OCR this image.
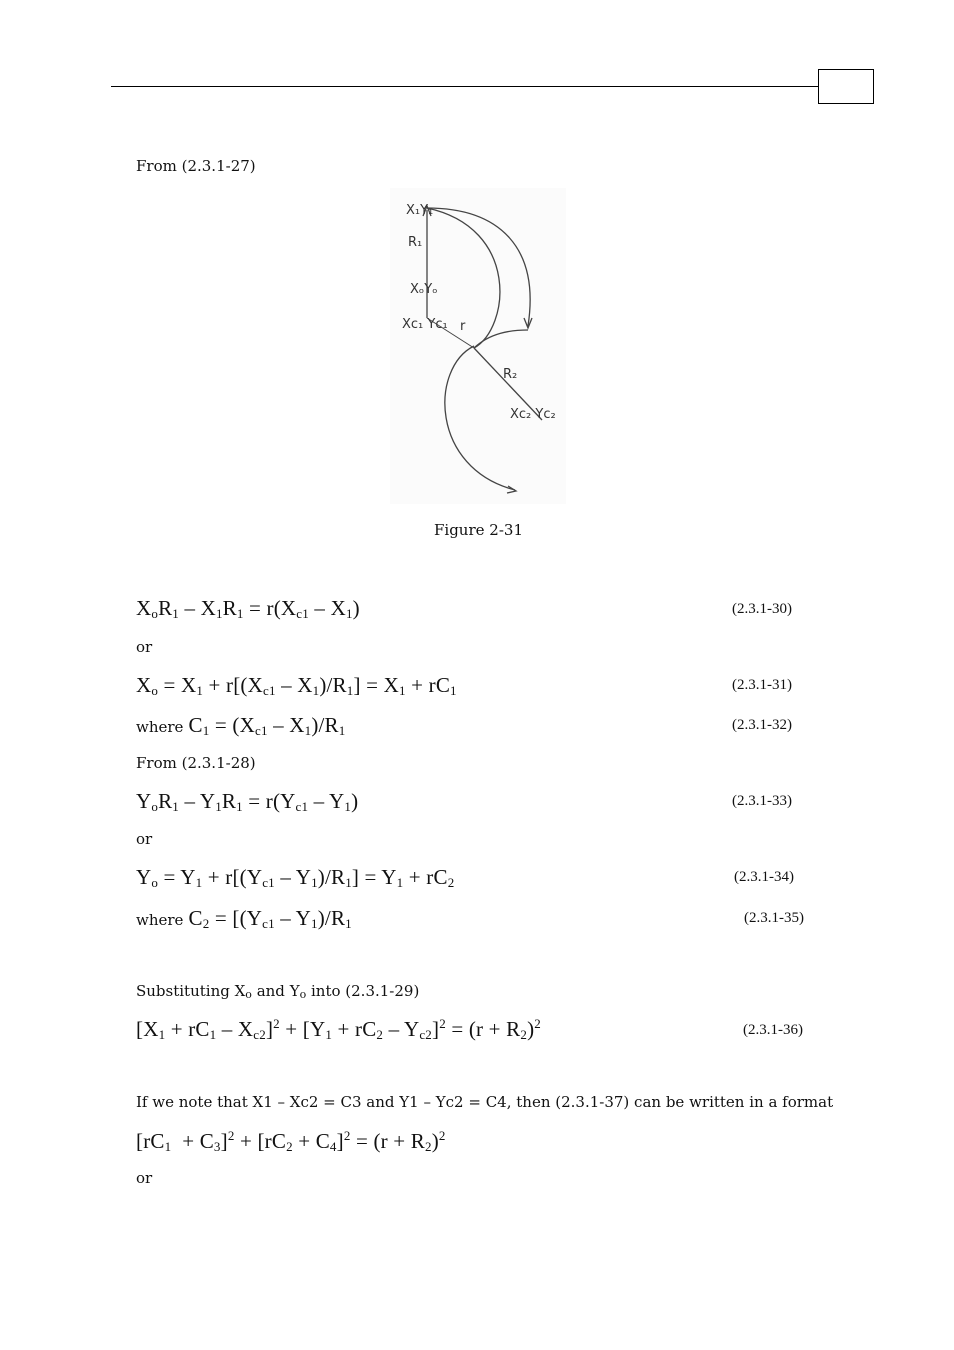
From (2.3.1-27)
X₁Y₁
R₁
XₒYₒ
Xc₁ Yc₁ r
R₂
Xc₂ Yc₂
Figure 2-31
$X_oR_1 - X_1R_1 = r(X_{c1} - X_1)$	(2.3.1-30)
or
$X_o = X_1 + r[(X_{c1} - X_1)/R_1] = X_1 + rC_1$	(2.3.1-31)
where $C_1 = (X_{c1} - X_1)/R_1$	(2.3.1-32)
From (2.3.1-28)
$Y_oR_1 - Y_1R_1 = r(Y_{c1} - Y_1)$	(2.3.1-33)
or
$Y_o = Y_1 + r[(Y_{c1} - Y_1)/R_1] = Y_1 + rC_2$	(2.3.1-34)
where $C_2 = [(Y_{c1} - Y_1)/R_1$	(2.3.1-35)
Substituting $X_o$ and $Y_o$ into (2.3.1-29)
$[X_1 + rC_1 - X_{c2}]^2 + [Y_1 + rC_2 - Y_{c2}]^2 = (r + R_2)^2$	(2.3.1-36)
If we note that X1 – Xc2 = C3 and Y1 – Yc2 = C4, then (2.3.1-37) can be written in a format
$[rC_1 + C_3]^2 + [rC_2 + C_4]^2 = (r + R_2)^2$
or
